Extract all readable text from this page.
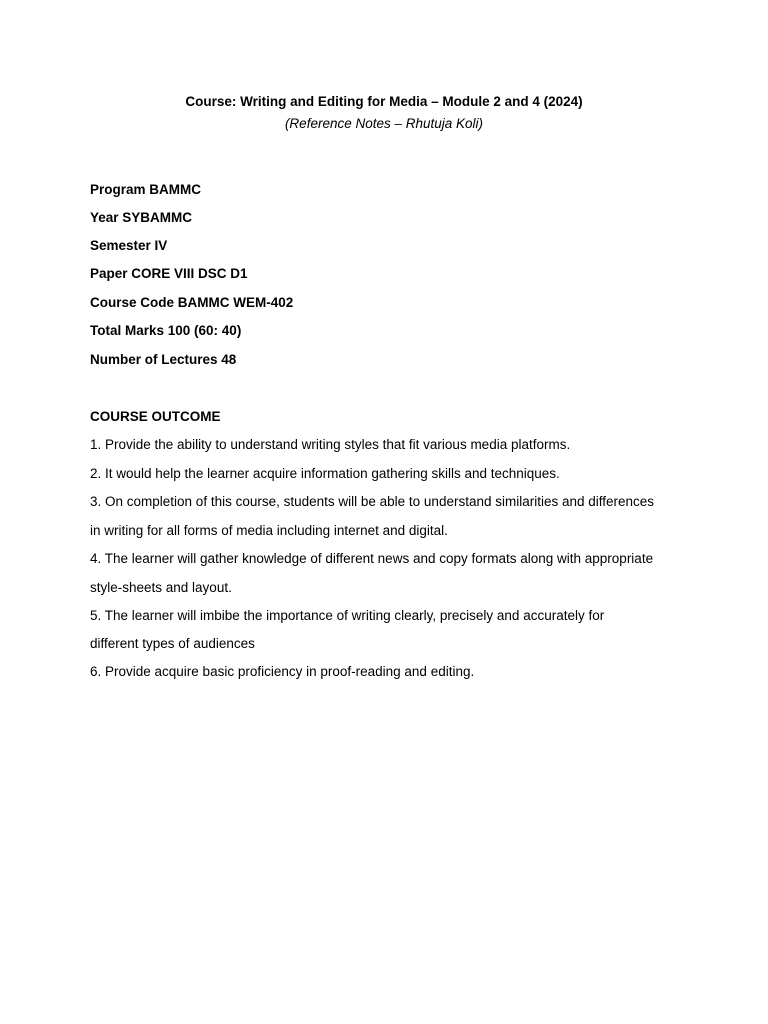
Course: Writing and Editing for Media – Module 2 and 4 (2024)
(Reference Notes – Rhutuja Koli)
Program BAMMC
Year SYBAMMC
Semester IV
Paper CORE VIII DSC D1
Course Code BAMMC WEM-402
Total Marks 100 (60: 40)
Number of Lectures 48
COURSE OUTCOME
1. Provide the ability to understand writing styles that fit various media platforms.
2. It would help the learner acquire information gathering skills and techniques.
3. On completion of this course, students will be able to understand similarities and differences
in writing for all forms of media including internet and digital.
4. The learner will gather knowledge of different news and copy formats along with appropriate
style-sheets and layout.
5. The learner will imbibe the importance of writing clearly, precisely and accurately for
different types of audiences
6. Provide acquire basic proficiency in proof-reading and editing.
